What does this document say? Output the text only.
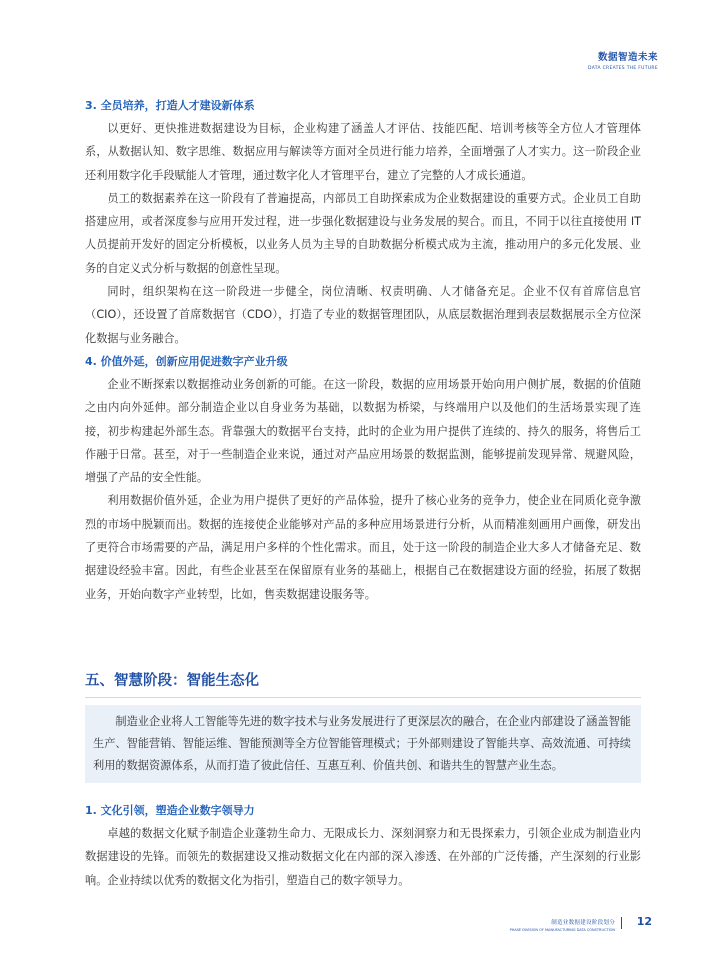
数据智造未来
DATA CREATES THE FUTURE
3. 全员培养，打造人才建设新体系

以更好、更快推进数据建设为目标，企业构建了涵盖人才评估、技能匹配、培训考核等全方位人才管理体系，从数据认知、数字思维、数据应用与解读等方面对全员进行能力培养，全面增强了人才实力。这一阶段企业还利用数字化手段赋能人才管理，通过数字化人才管理平台，建立了完整的人才成长通道。

员工的数据素养在这一阶段有了普遍提高，内部员工自助探索成为企业数据建设的重要方式。企业员工自助搭建应用，或者深度参与应用开发过程，进一步强化数据建设与业务发展的契合。而且，不同于以往直接使用 IT 人员提前开发好的固定分析模板，以业务人员为主导的自助数据分析模式成为主流，推动用户的多元化发展、业务的自定义式分析与数据的创意性呈现。

同时，组织架构在这一阶段进一步健全，岗位清晰、权责明确、人才储备充足。企业不仅有首席信息官（CIO），还设置了首席数据官（CDO），打造了专业的数据管理团队，从底层数据治理到表层数据展示全方位深化数据与业务融合。

4. 价值外延，创新应用促进数字产业升级

企业不断探索以数据推动业务创新的可能。在这一阶段，数据的应用场景开始向用户侧扩展，数据的价值随之由内向外延伸。部分制造企业以自身业务为基础，以数据为桥梁，与终端用户以及他们的生活场景实现了连接，初步构建起外部生态。背靠强大的数据平台支持，此时的企业为用户提供了连续的、持久的服务，将售后工作融于日常。甚至，对于一些制造企业来说，通过对产品应用场景的数据监测，能够提前发现异常、规避风险，增强了产品的安全性能。

利用数据价值外延，企业为用户提供了更好的产品体验，提升了核心业务的竞争力，使企业在同质化竞争激烈的市场中脱颖而出。数据的连接使企业能够对产品的多种应用场景进行分析，从而精准刻画用户画像，研发出了更符合市场需要的产品，满足用户多样的个性化需求。而且，处于这一阶段的制造企业大多人才储备充足、数据建设经验丰富。因此，有些企业甚至在保留原有业务的基础上，根据自己在数据建设方面的经验，拓展了数据业务，开始向数字产业转型，比如，售卖数据建设服务等。

五、智慧阶段：智能生态化

制造业企业将人工智能等先进的数字技术与业务发展进行了更深层次的融合，在企业内部建设了涵盖智能生产、智能营销、智能运维、智能预测等全方位智能管理模式；于外部则建设了智能共享、高效流通、可持续利用的数据资源体系，从而打造了彼此信任、互惠互利、价值共创、和谐共生的智慧产业生态。

1. 文化引领，塑造企业数字领导力

卓越的数据文化赋予制造企业蓬勃生命力、无限成长力、深刻洞察力和无畏探索力，引领企业成为制造业内数据建设的先锋。而领先的数据建设又推动数据文化在内部的深入渗透、在外部的广泛传播，产生深刻的行业影响。企业持续以优秀的数据文化为指引，塑造自己的数字领导力。

制造业数据建设阶段划分
PHASE DIVISION OF MANUFACTURING DATA CONSTRUCTION
12
